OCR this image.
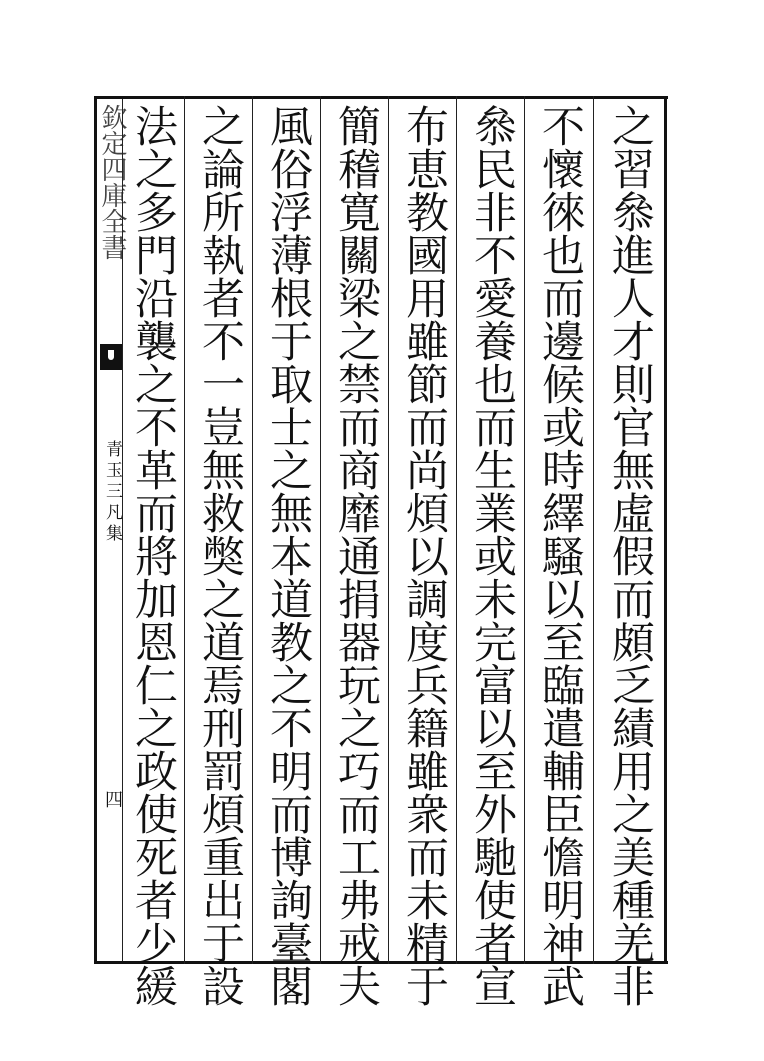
欽定四庫全書
青玉三凡集
四	之習叅進人才則官無虛假而頗乏績用之美種羌非
不懷徠也而邊候或時繹騷以至臨遣輔臣憺明神武
叅民非不愛養也而生業或未完富以至外馳使者宣
布恵教國用雖節而尚煩以調度兵籍雖衆而未精于
簡稽寛關梁之禁而商靡通捐器玩之巧而工弗戒夫
風俗浮薄根于取士之無本道教之不明而博詢臺閣
之論所執者不一豈無救獘之道焉刑罰煩重出于設
法之多門沿襲之不革而將加恩仁之政使死者少緩
